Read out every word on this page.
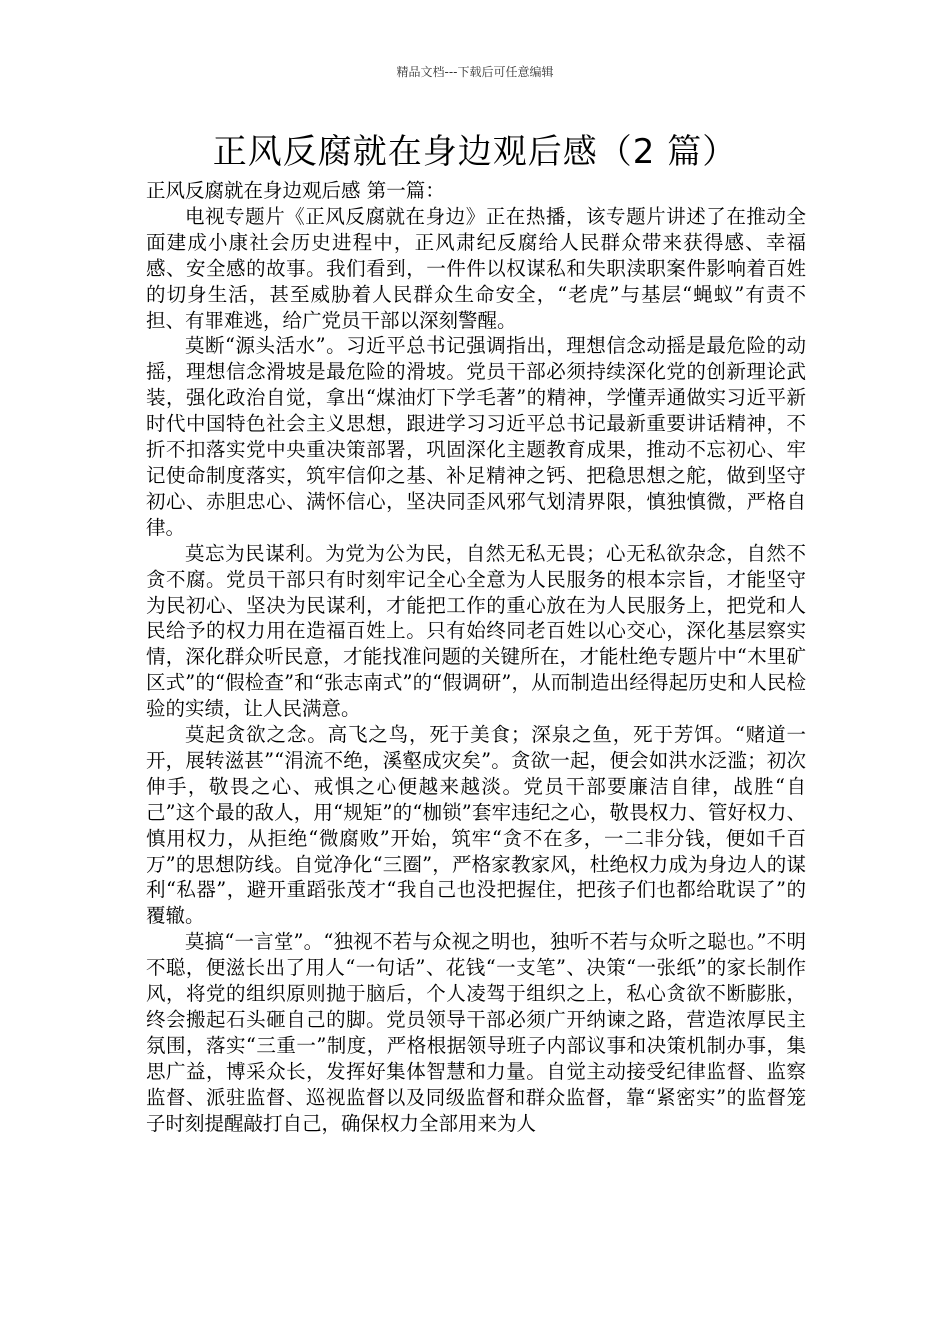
精品文档---下载后可任意编辑
正风反腐就在身边观后感（2 篇）

正风反腐就在身边观后感 第一篇：

电视专题片《正风反腐就在身边》正在热播，该专题片讲述了在推动全面建成小康社会历史进程中，正风肃纪反腐给人民群众带来获得感、幸福感、安全感的故事。我们看到，一件件以权谋私和失职渎职案件影响着百姓的切身生活，甚至威胁着人民群众生命安全，“老虎”与基层“蝇蚁”有责不担、有罪难逃，给广党员干部以深刻警醒。

莫断“源头活水”。习近平总书记强调指出，理想信念动摇是最危险的动摇，理想信念滑坡是最危险的滑坡。党员干部必须持续深化党的创新理论武装，强化政治自觉，拿出“煤油灯下学毛著”的精神，学懂弄通做实习近平新时代中国特色社会主义思想，跟进学习习近平总书记最新重要讲话精神，不折不扣落实党中央重决策部署，巩固深化主题教育成果，推动不忘初心、牢记使命制度落实，筑牢信仰之基、补足精神之钙、把稳思想之舵，做到坚守初心、赤胆忠心、满怀信心，坚决同歪风邪气划清界限，慎独慎微，严格自律。

莫忘为民谋利。为党为公为民，自然无私无畏；心无私欲杂念，自然不贪不腐。党员干部只有时刻牢记全心全意为人民服务的根本宗旨，才能坚守为民初心、坚决为民谋利，才能把工作的重心放在为人民服务上，把党和人民给予的权力用在造福百姓上。只有始终同老百姓以心交心，深化基层察实情，深化群众听民意，才能找准问题的关键所在，才能杜绝专题片中“木里矿区式”的“假检查”和“张志南式”的“假调研”，从而制造出经得起历史和人民检验的实绩，让人民满意。

莫起贪欲之念。高飞之鸟，死于美食；深泉之鱼，死于芳饵。“赌道一开，展转滋甚”“涓流不绝，溪壑成灾矣”。贪欲一起，便会如洪水泛滥；初次伸手，敬畏之心、戒惧之心便越来越淡。党员干部要廉洁自律，战胜“自己”这个最的敌人，用“规矩”的“枷锁”套牢违纪之心，敬畏权力、管好权力、慎用权力，从拒绝“微腐败”开始，筑牢“贪不在多，一二非分钱，便如千百万”的思想防线。自觉净化“三圈”，严格家教家风，杜绝权力成为身边人的谋利“私器”，避开重蹈张茂才“我自己也没把握住，把孩子们也都给耽误了”的覆辙。

莫搞“一言堂”。“独视不若与众视之明也，独听不若与众听之聪也。”不明不聪，便滋长出了用人“一句话”、花钱“一支笔”、决策“一张纸”的家长制作风，将党的组织原则抛于脑后，个人凌驾于组织之上，私心贪欲不断膨胀，终会搬起石头砸自己的脚。党员领导干部必须广开纳谏之路，营造浓厚民主氛围，落实“三重一”制度，严格根据领导班子内部议事和决策机制办事，集思广益，博采众长，发挥好集体智慧和力量。自觉主动接受纪律监督、监察监督、派驻监督、巡视监督以及同级监督和群众监督，靠“紧密实”的监督笼子时刻提醒敲打自己，确保权力全部用来为人
